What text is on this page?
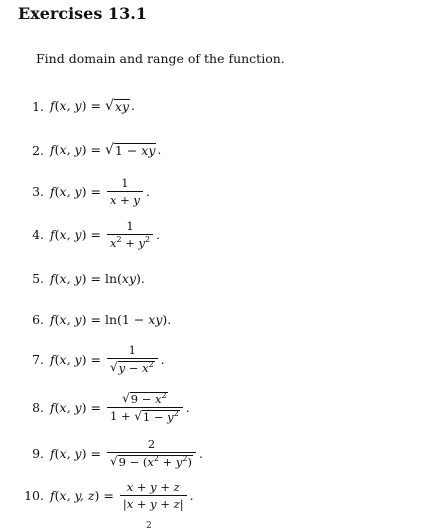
Exercises 13.1
Find domain and range of the function.
1. f(x, y) = √ xy .
2. f(x, y) = √ 1 − xy .
3. f ( x, y ) = $\frac{1}{x + y}$ .
4. f ( x, y ) = $\frac{1}{x^2 + y^2}$ .
5. f(x, y) = ln(xy).
6. f(x, y) = ln(1 − xy).
7. f ( x, y ) = $\frac{1}{√ y - x^2}$ .
8. f ( x, y ) = $\frac{√ 9 - x^2}{1 + √ 1 - y^2}$ .
9. f ( x, y ) = $\frac{2}{√ 9 - (x^2 + y^2)}$ .
10. f ( x, y, z ) = $\frac{x + y + z}{|x + y + z|}$ .
2
